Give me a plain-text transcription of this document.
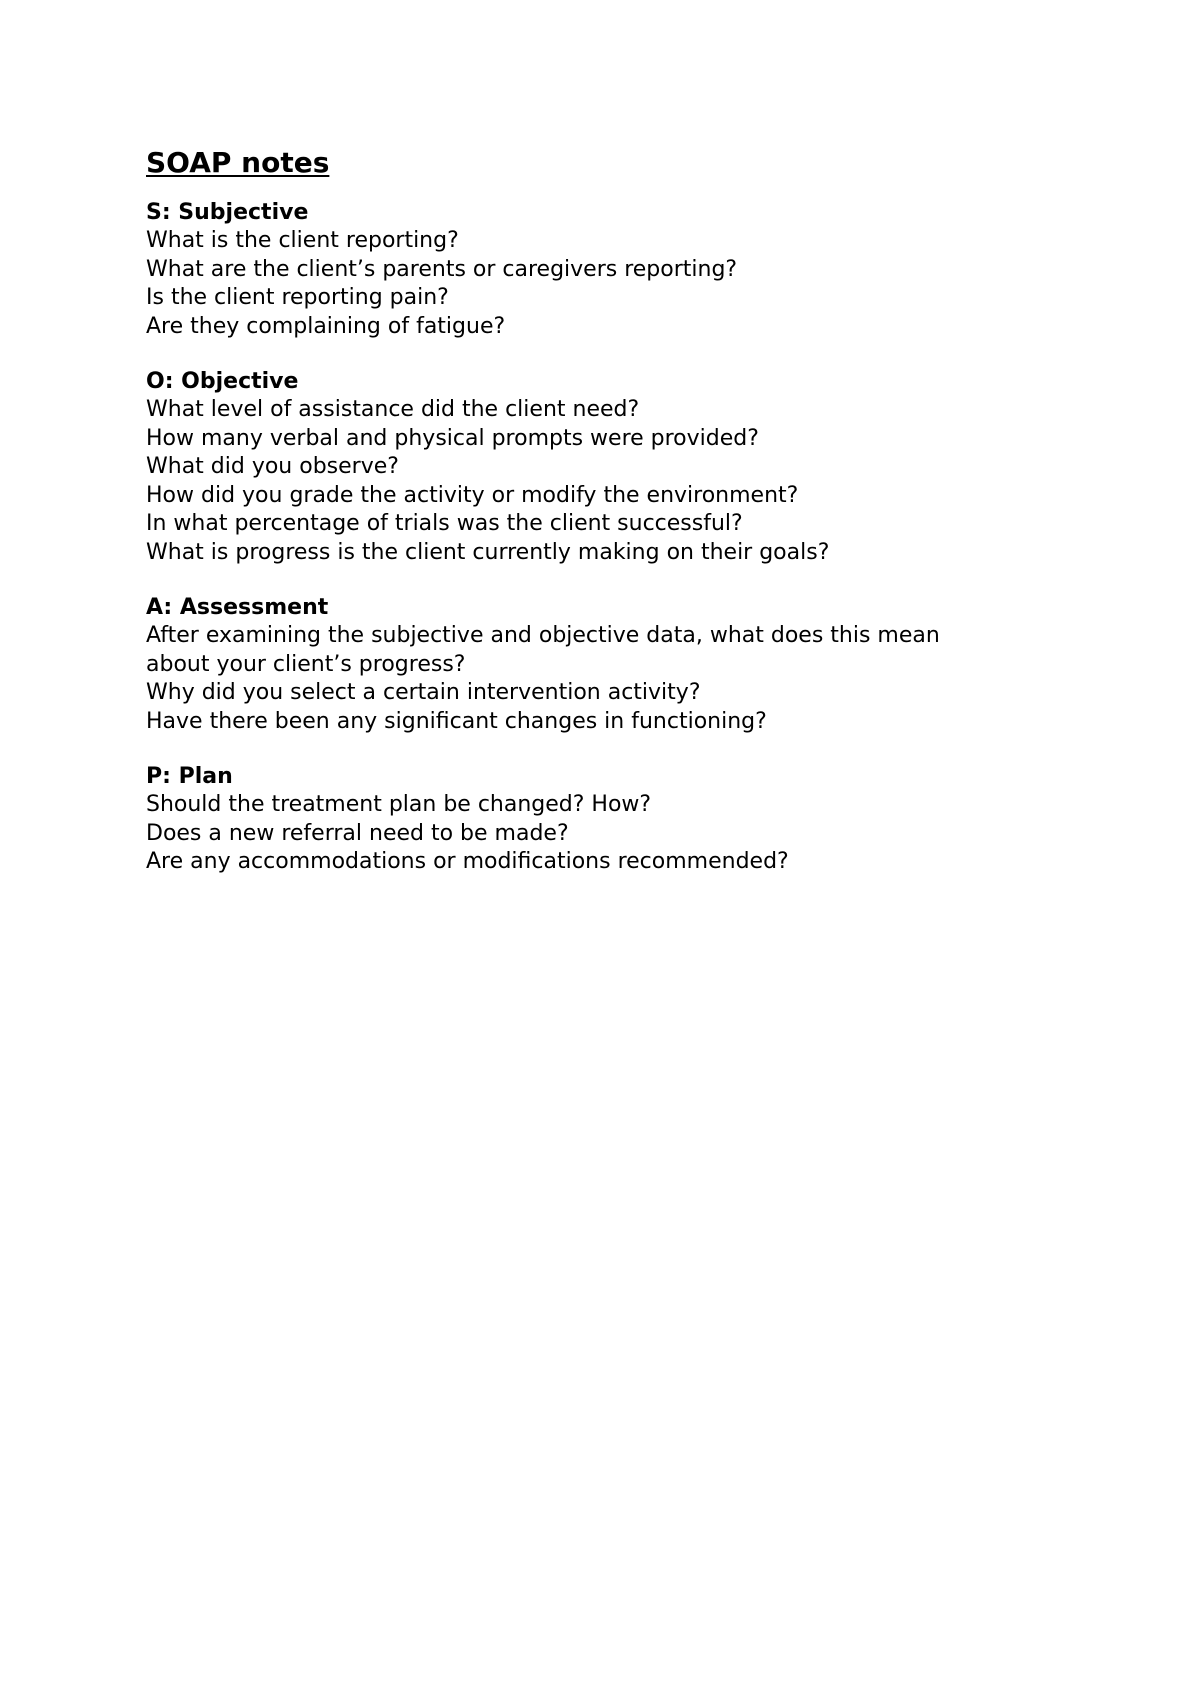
SOAP notes
S: Subjective
What is the client reporting?
What are the client’s parents or caregivers reporting?
Is the client reporting pain?
Are they complaining of fatigue?
O: Objective
What level of assistance did the client need?
How many verbal and physical prompts were provided?
What did you observe?
How did you grade the activity or modify the environment?
In what percentage of trials was the client successful?
What is progress is the client currently making on their goals?
A: Assessment
After examining the subjective and objective data, what does this mean
about your client’s progress?
Why did you select a certain intervention activity?
Have there been any significant changes in functioning?
P: Plan
Should the treatment plan be changed? How?
Does a new referral need to be made?
Are any accommodations or modifications recommended?
